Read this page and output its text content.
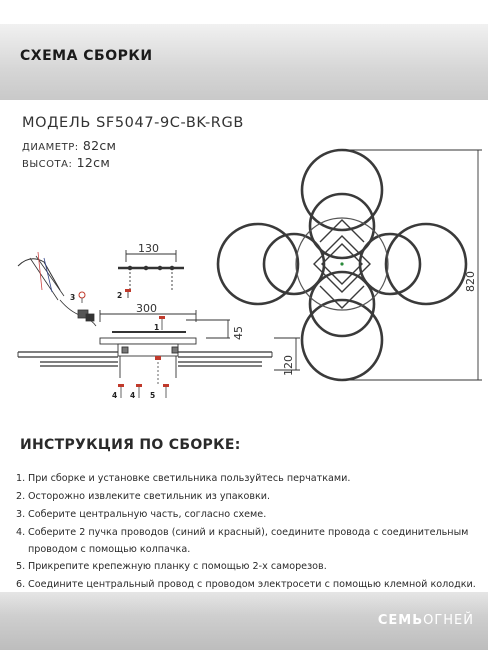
СХЕМА СБОРКИ
МОДЕЛЬ SF5047-9C-BK-RGB
ДИАМЕТР: 82см
ВЫСОТА: 12см
130
2
3
300
45
120
1
4 4 5
820
ИНСТРУКЦИЯ ПО СБОРКЕ:
1. При сборке и установке светильника пользуйтесь перчатками.
2. Осторожно извлеките светильник из упаковки.
3. Соберите центральную часть, согласно схеме.
4. Соберите 2 пучка проводов (синий и красный), соедините провода с соединительным
проводом с помощью колпачка.
5. Прикрепите крепежную планку с помощью 2-х саморезов.
6. Соедините центральный провод с проводом электросети с помощью клемной колодки.
СЕМЬОГНЕЙ
